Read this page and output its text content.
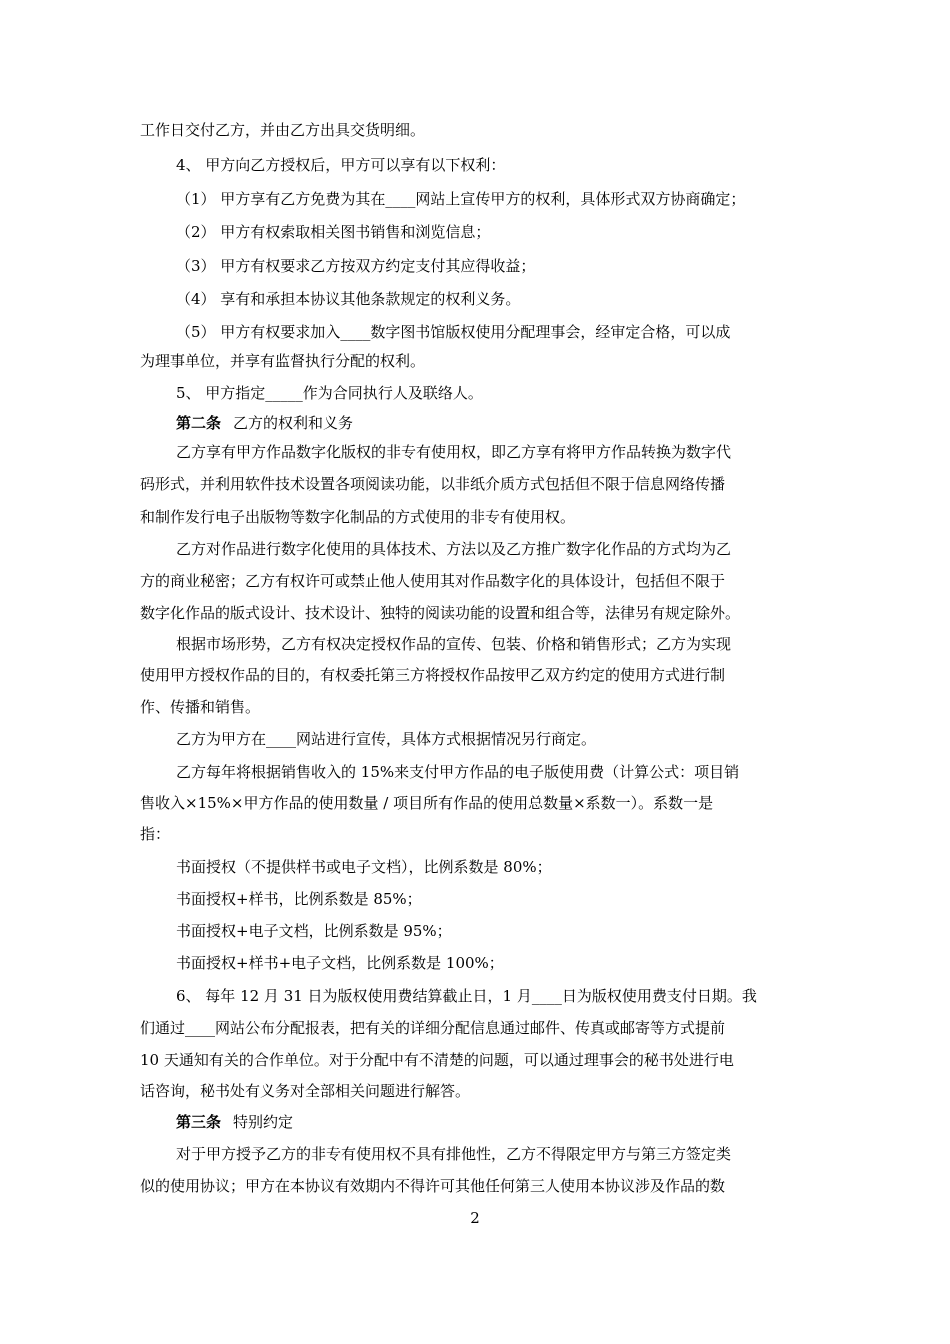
工作日交付乙方，并由乙方出具交货明细。
4、 甲方向乙方授权后，甲方可以享有以下权利：
（1） 甲方享有乙方免费为其在____网站上宣传甲方的权利，具体形式双方协商确定；
（2） 甲方有权索取相关图书销售和浏览信息；
（3） 甲方有权要求乙方按双方约定支付其应得收益；
（4） 享有和承担本协议其他条款规定的权利义务。
（5） 甲方有权要求加入____数字图书馆版权使用分配理事会，经审定合格，可以成
为理事单位，并享有监督执行分配的权利。
5、 甲方指定_____作为合同执行人及联络人。
第二条 乙方的权利和义务
乙方享有甲方作品数字化版权的非专有使用权，即乙方享有将甲方作品转换为数字代
码形式，并利用软件技术设置各项阅读功能，以非纸介质方式包括但不限于信息网络传播
和制作发行电子出版物等数字化制品的方式使用的非专有使用权。
乙方对作品进行数字化使用的具体技术、方法以及乙方推广数字化作品的方式均为乙
方的商业秘密；乙方有权许可或禁止他人使用其对作品数字化的具体设计，包括但不限于
数字化作品的版式设计、技术设计、独特的阅读功能的设置和组合等，法律另有规定除外。
根据市场形势，乙方有权决定授权作品的宣传、包装、价格和销售形式；乙方为实现
使用甲方授权作品的目的，有权委托第三方将授权作品按甲乙双方约定的使用方式进行制
作、传播和销售。
乙方为甲方在____网站进行宣传，具体方式根据情况另行商定。
乙方每年将根据销售收入的 15%来支付甲方作品的电子版使用费（计算公式：项目销
售收入×15%×甲方作品的使用数量 / 项目所有作品的使用总数量×系数一）。系数一是
指：
书面授权（不提供样书或电子文档），比例系数是 80%；
书面授权+样书，比例系数是 85%；
书面授权+电子文档，比例系数是 95%；
书面授权+样书+电子文档，比例系数是 100%；
6、 每年 12 月 31 日为版权使用费结算截止日，1 月____日为版权使用费支付日期。我
们通过____网站公布分配报表，把有关的详细分配信息通过邮件、传真或邮寄等方式提前
10 天通知有关的合作单位。对于分配中有不清楚的问题，可以通过理事会的秘书处进行电
话咨询，秘书处有义务对全部相关问题进行解答。
第三条 特别约定
对于甲方授予乙方的非专有使用权不具有排他性，乙方不得限定甲方与第三方签定类
似的使用协议；甲方在本协议有效期内不得许可其他任何第三人使用本协议涉及作品的数
2
